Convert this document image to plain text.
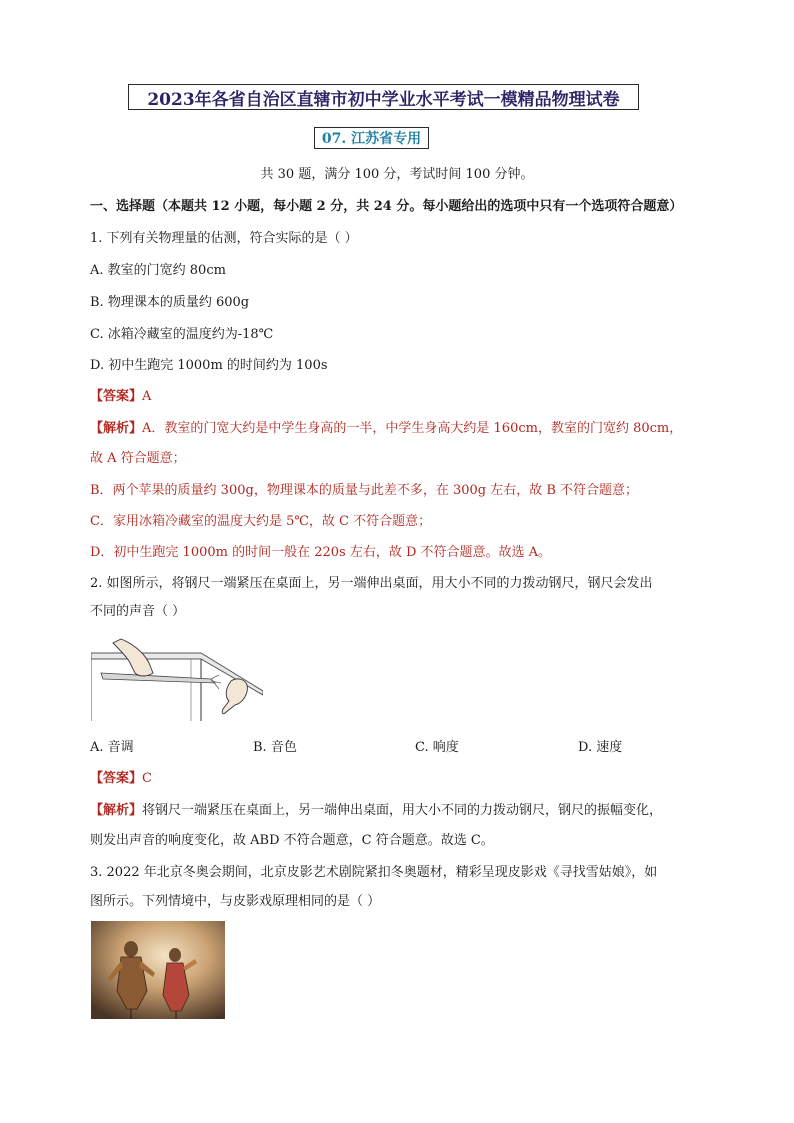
2023年各省自治区直辖市初中学业水平考试一模精品物理试卷
07. 江苏省专用
共 30 题，满分 100 分，考试时间 100 分钟。
一、选择题（本题共 12 小题，每小题 2 分，共 24 分。每小题给出的选项中只有一个选项符合题意）
1. 下列有关物理量的估测，符合实际的是（ ）
A. 教室的门宽约 80cm
B. 物理课本的质量约 600g
C. 冰箱冷藏室的温度约为-18℃
D. 初中生跑完 1000m 的时间约为 100s
【答案】A
【解析】A．教室的门宽大约是中学生身高的一半，中学生身高大约是 160cm，教室的门宽约 80cm，
故 A 符合题意；
B．两个苹果的质量约 300g，物理课本的质量与此差不多，在 300g 左右，故 B 不符合题意；
C．家用冰箱冷藏室的温度大约是 5℃，故 C 不符合题意；
D．初中生跑完 1000m 的时间一般在 220s 左右，故 D 不符合题意。故选 A。
2. 如图所示，将钢尺一端紧压在桌面上，另一端伸出桌面，用大小不同的力拨动钢尺，钢尺会发出
不同的声音（ ）
A. 音调	B. 音色	C. 响度	D. 速度
【答案】C
【解析】将钢尺一端紧压在桌面上，另一端伸出桌面，用大小不同的力拨动钢尺，钢尺的振幅变化，
则发出声音的响度变化，故 ABD 不符合题意，C 符合题意。故选 C。
3. 2022 年北京冬奥会期间，北京皮影艺术剧院紧扣冬奥题材，精彩呈现皮影戏《寻找雪姑娘》，如
图所示。下列情境中，与皮影戏原理相同的是（ ）
